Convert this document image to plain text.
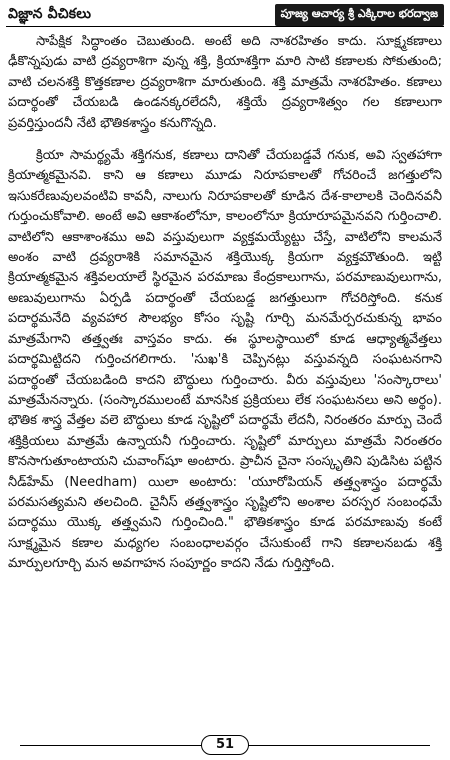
విజ్ఞాన వీచికలు	పూజ్య ఆచార్య శ్రీ ఎక్కిరాల భరద్వాజ

సాపేక్షిక సిద్ధాంతం చెబుతుంది. అంటే అది నాశరహితం కాదు. సూక్ష్మకణాలు ఢీకొన్నపుడు వాటి ద్రవ్యరాశిగా వున్న శక్తి, క్రియాశక్తిగా మారి సాటి కణాలకు సోకుతుంది; వాటి చలనశక్తి కొత్తకణాల ద్రవ్యరాశిగా మారుతుంది. శక్తి మాత్రమే నాశరహితం. కణాలు పదార్థంతో చేయబడి ఉండనక్కరలేదనీ, శక్తియే ద్రవ్యరాశిత్వం గల కణాలుగా ప్రవర్తిస్తుందనీ నేటి భౌతికశాస్త్రం కనుగొన్నది.

క్రియా సామర్థ్యమే శక్తిగనుక, కణాలు దానితో చేయబడ్డవే గనుక, అవి స్వతహాగా క్రియాత్మకమైనవి. కాని ఆ కణాలు మూడు నిరూపకాలతో గోచరించే జగత్తులోని ఇసుకరేణువులవంటివి కావనీ, నాలుగు నిరూపకాలతో కూడిన దేశ-కాలాలకి చెందినవనీ గుర్తుంచుకోవాలి. అంటే అవి ఆకాశంలోనూ, కాలంలోనూ క్రియారూపమైనవని గుర్తించాలి. వాటిలోని ఆకాశాంశము అవి వస్తువులుగా వ్యక్తమయ్యేట్టు చేస్తే, వాటిలోని కాలమనే అంశం వాటి ద్రవ్యరాశికి సమానమైన శక్తియొక్క క్రియగా వ్యక్తమౌతుంది. ఇట్టి క్రియాత్మకమైన శక్తివలయాలే స్థిరమైన పరమాణు కేంద్రకాలుగాను, పరమాణువులుగాను, అణువులుగాను ఏర్పడి పదార్థంతో చేయబడ్డ జగత్తులుగా గోచరిస్తోంది. కనుక పదార్థమనేది వ్యవహార సౌలభ్యం కోసం సృష్టి గూర్చి మనమేర్పరచుకున్న భావం మాత్రమేగాని తత్త్వతః వాస్తవం కాదు. ఈ స్థూలస్థాయిలో కూడ ఆధ్యాత్మవేత్తలు పదార్థమిట్టిదని గుర్తించగలిగారు. 'సుఖ'కి చెప్పినట్లు వస్తువన్నది సంఘటనగాని పదార్థంతో చేయబడింది కాదని బౌద్ధులు గుర్తించారు. వీరు వస్తువులు 'సంస్కారాలు' మాత్రమేనన్నారు. (సంస్కారములంటే మానసిక ప్రక్రియలు లేక సంఘటనలు అని అర్థం). భౌతిక శాస్త్ర వేత్తల వలె బౌద్ధులు కూడ సృష్టిలో పదార్థమే లేదనీ, నిరంతరం మార్పు చెందే శక్తిక్రియలు మాత్రమే ఉన్నాయనీ గుర్తించారు. సృష్టిలో మార్పులు మాత్రమే నిరంతరం కొనసాగుతూంటాయని చువాంగ్‌షూ అంటారు. ప్రాచీన చైనా సంస్కృతిని పుడిసిట పట్టిన నీడ్‌హేమ్ (Needham) యిలా అంటారు: 'యూరోపియన్ తత్త్వశాస్త్రం పదార్థమే పరమసత్యమని తలచింది. చైనీస్ తత్త్వశాస్త్రం సృష్టిలోని అంశాల పరస్పర సంబంధమే పదార్థము యొక్క తత్త్వమని గుర్తించింది." భౌతికశాస్త్రం కూడ పరమాణువు కంటే సూక్ష్మమైన కణాల మధ్యగల సంబంధాలవర్గం చేసుకుంటే గాని కణాలనబడు శక్తి మార్పులగూర్చి మన అవగాహన సంపూర్ణం కాదని నేడు గుర్తిస్తోంది.

51
